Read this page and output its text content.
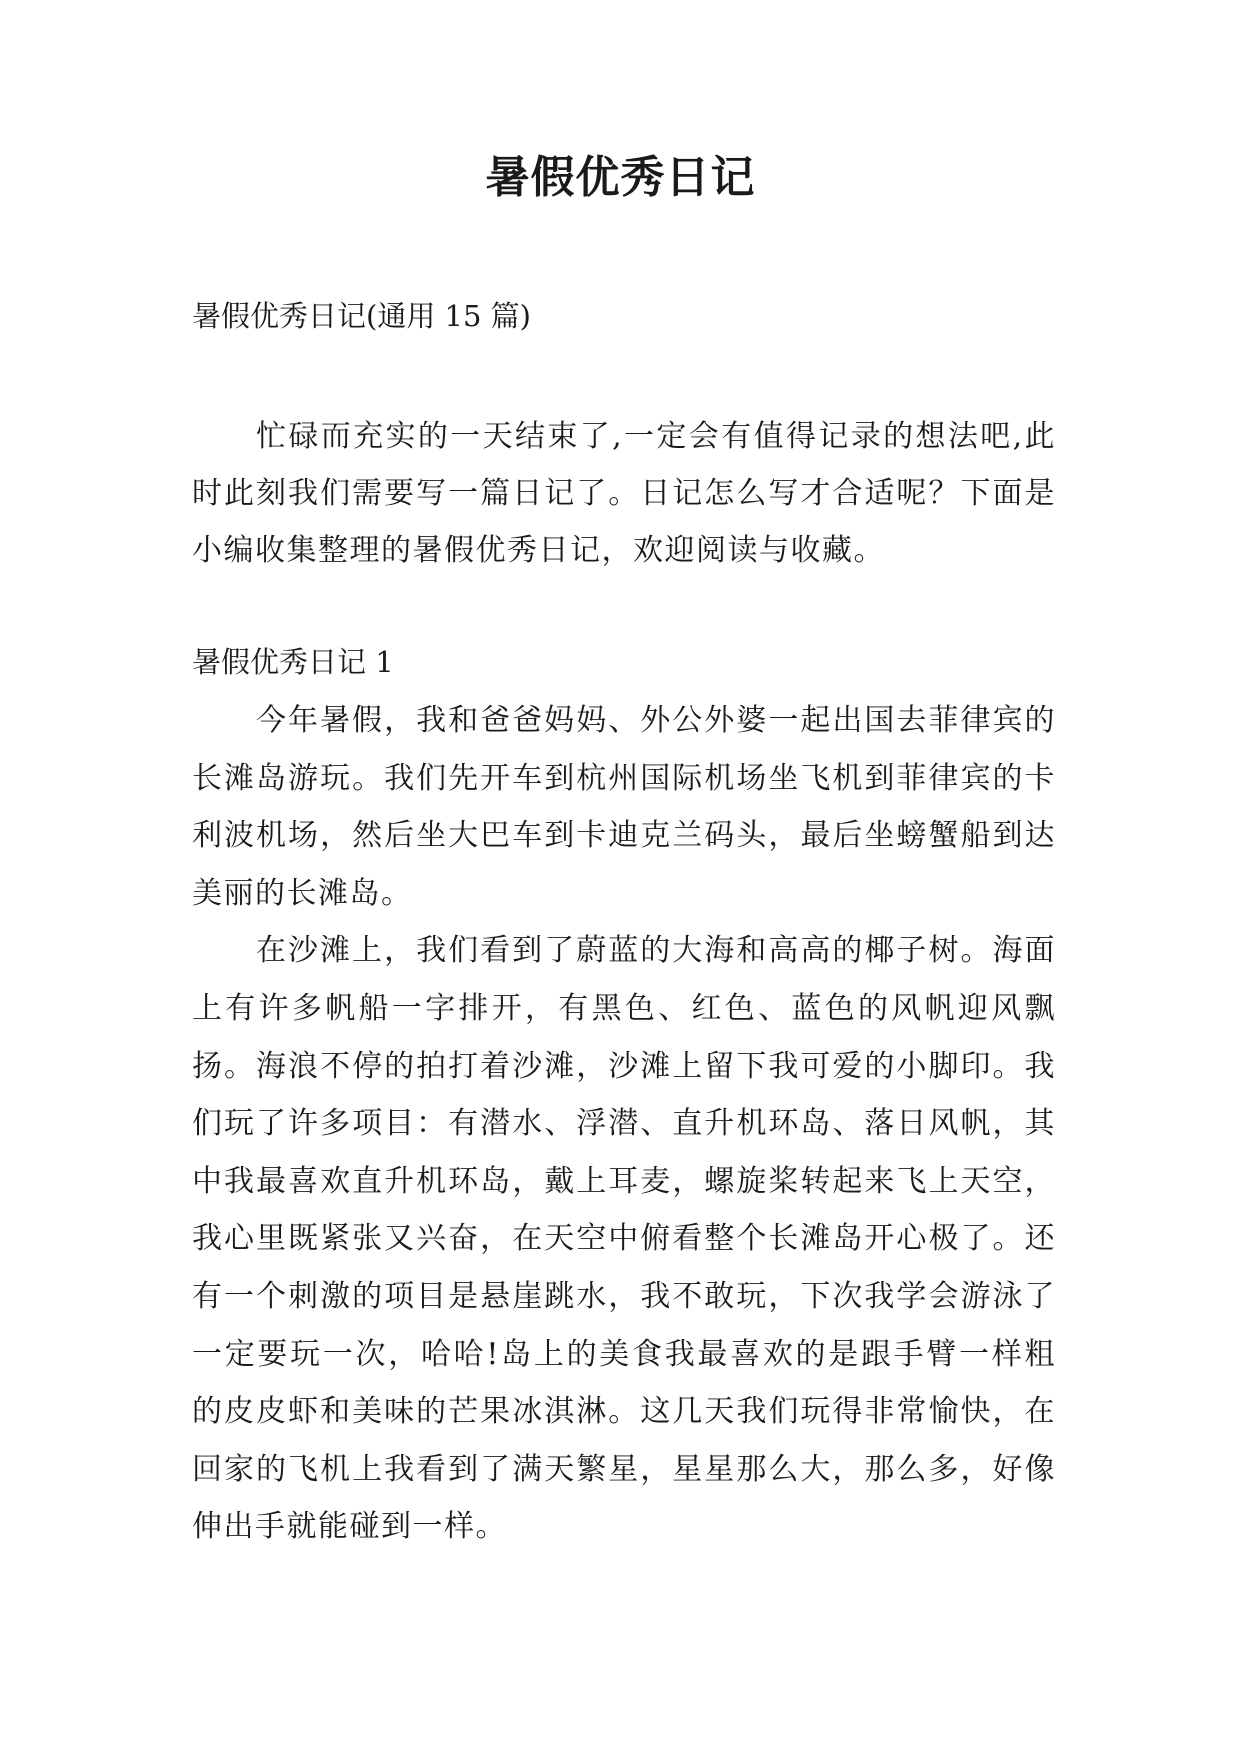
暑假优秀日记

暑假优秀日记(通用 15 篇)

忙碌而充实的一天结束了,一定会有值得记录的想法吧,此时此刻我们需要写一篇日记了。日记怎么写才合适呢？下面是小编收集整理的暑假优秀日记，欢迎阅读与收藏。

暑假优秀日记 1

今年暑假，我和爸爸妈妈、外公外婆一起出国去菲律宾的长滩岛游玩。我们先开车到杭州国际机场坐飞机到菲律宾的卡利波机场，然后坐大巴车到卡迪克兰码头，最后坐螃蟹船到达美丽的长滩岛。

在沙滩上，我们看到了蔚蓝的大海和高高的椰子树。海面上有许多帆船一字排开，有黑色、红色、蓝色的风帆迎风飘扬。海浪不停的拍打着沙滩，沙滩上留下我可爱的小脚印。我们玩了许多项目：有潜水、浮潜、直升机环岛、落日风帆，其中我最喜欢直升机环岛，戴上耳麦，螺旋桨转起来飞上天空，我心里既紧张又兴奋，在天空中俯看整个长滩岛开心极了。还有一个刺激的项目是悬崖跳水，我不敢玩，下次我学会游泳了一定要玩一次，哈哈!岛上的美食我最喜欢的是跟手臂一样粗的皮皮虾和美味的芒果冰淇淋。这几天我们玩得非常愉快，在回家的飞机上我看到了满天繁星，星星那么大，那么多，好像伸出手就能碰到一样。
